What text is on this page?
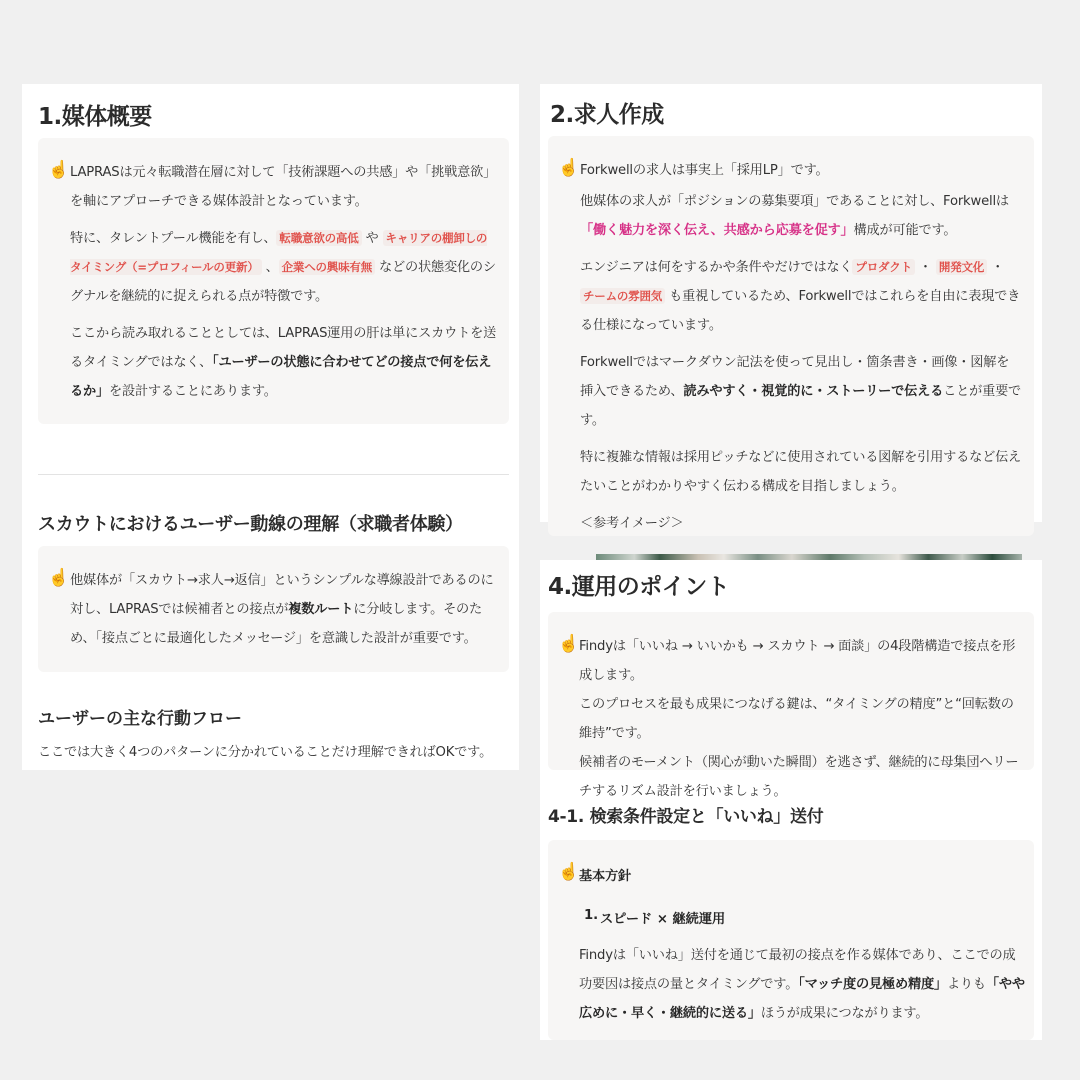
1.媒体概要
☝️ LAPRASは元々転職潜在層に対して「技術課題への共感」や「挑戦意欲」を軸にアプローチできる媒体設計となっています。
特に、タレントプール機能を有し、 転職意欲の高低 や キャリアの棚卸しのタイミング（=プロフィールの更新） 、 企業への興味有無 などの状態変化のシグナルを継続的に捉えられる点が特徴です。
ここから読み取れることとしては、LAPRAS運用の肝は単にスカウトを送るタイミングではなく、「ユーザーの状態に合わせてどの接点で何を伝えるか」を設計することにあります。
スカウトにおけるユーザー動線の理解（求職者体験）
☝️ 他媒体が「スカウト→求人→返信」というシンプルな導線設計であるのに対し、LAPRASでは候補者との接点が複数ルートに分岐します。そのため、「接点ごとに最適化したメッセージ」を意識した設計が重要です。
ユーザーの主な行動フロー
ここでは大きく4つのパターンに分かれていることだけ理解できればOKです。
2.求人作成
☝️ Forkwellの求人は事実上「採用LP」です。
他媒体の求人が「ポジションの募集要項」であることに対し、Forkwellは「働く魅力を深く伝え、共感から応募を促す」構成が可能です。
エンジニアは何をするかや条件やだけではなく プロダクト ・ 開発文化 ・ チームの雰囲気 も重視しているため、Forkwellではこれらを自由に表現できる仕様になっています。
Forkwellではマークダウン記法を使って見出し・箇条書き・画像・図解を挿入できるため、読みやすく・視覚的に・ストーリーで伝えることが重要です。
特に複雑な情報は採用ピッチなどに使用されている図解を引用するなど伝えたいことがわかりやすく伝わる構成を目指しましょう。
＜参考イメージ＞
4.運用のポイント
☝️ Findyは「いいね → いいかも → スカウト → 面談」の4段階構造で接点を形成します。
このプロセスを最も成果につなげる鍵は、“タイミングの精度”と“回転数の維持”です。
候補者のモーメント（関心が動いた瞬間）を逃さず、継続的に母集団へリーチするリズム設計を行いましょう。
4-1. 検索条件設定と「いいね」送付
☝️ 基本方針
1. スピード × 継続運用
Findyは「いいね」送付を通じて最初の接点を作る媒体であり、ここでの成功要因は接点の量とタイミングです。「マッチ度の見極め精度」よりも「やや広めに・早く・継続的に送る」ほうが成果につながります。
